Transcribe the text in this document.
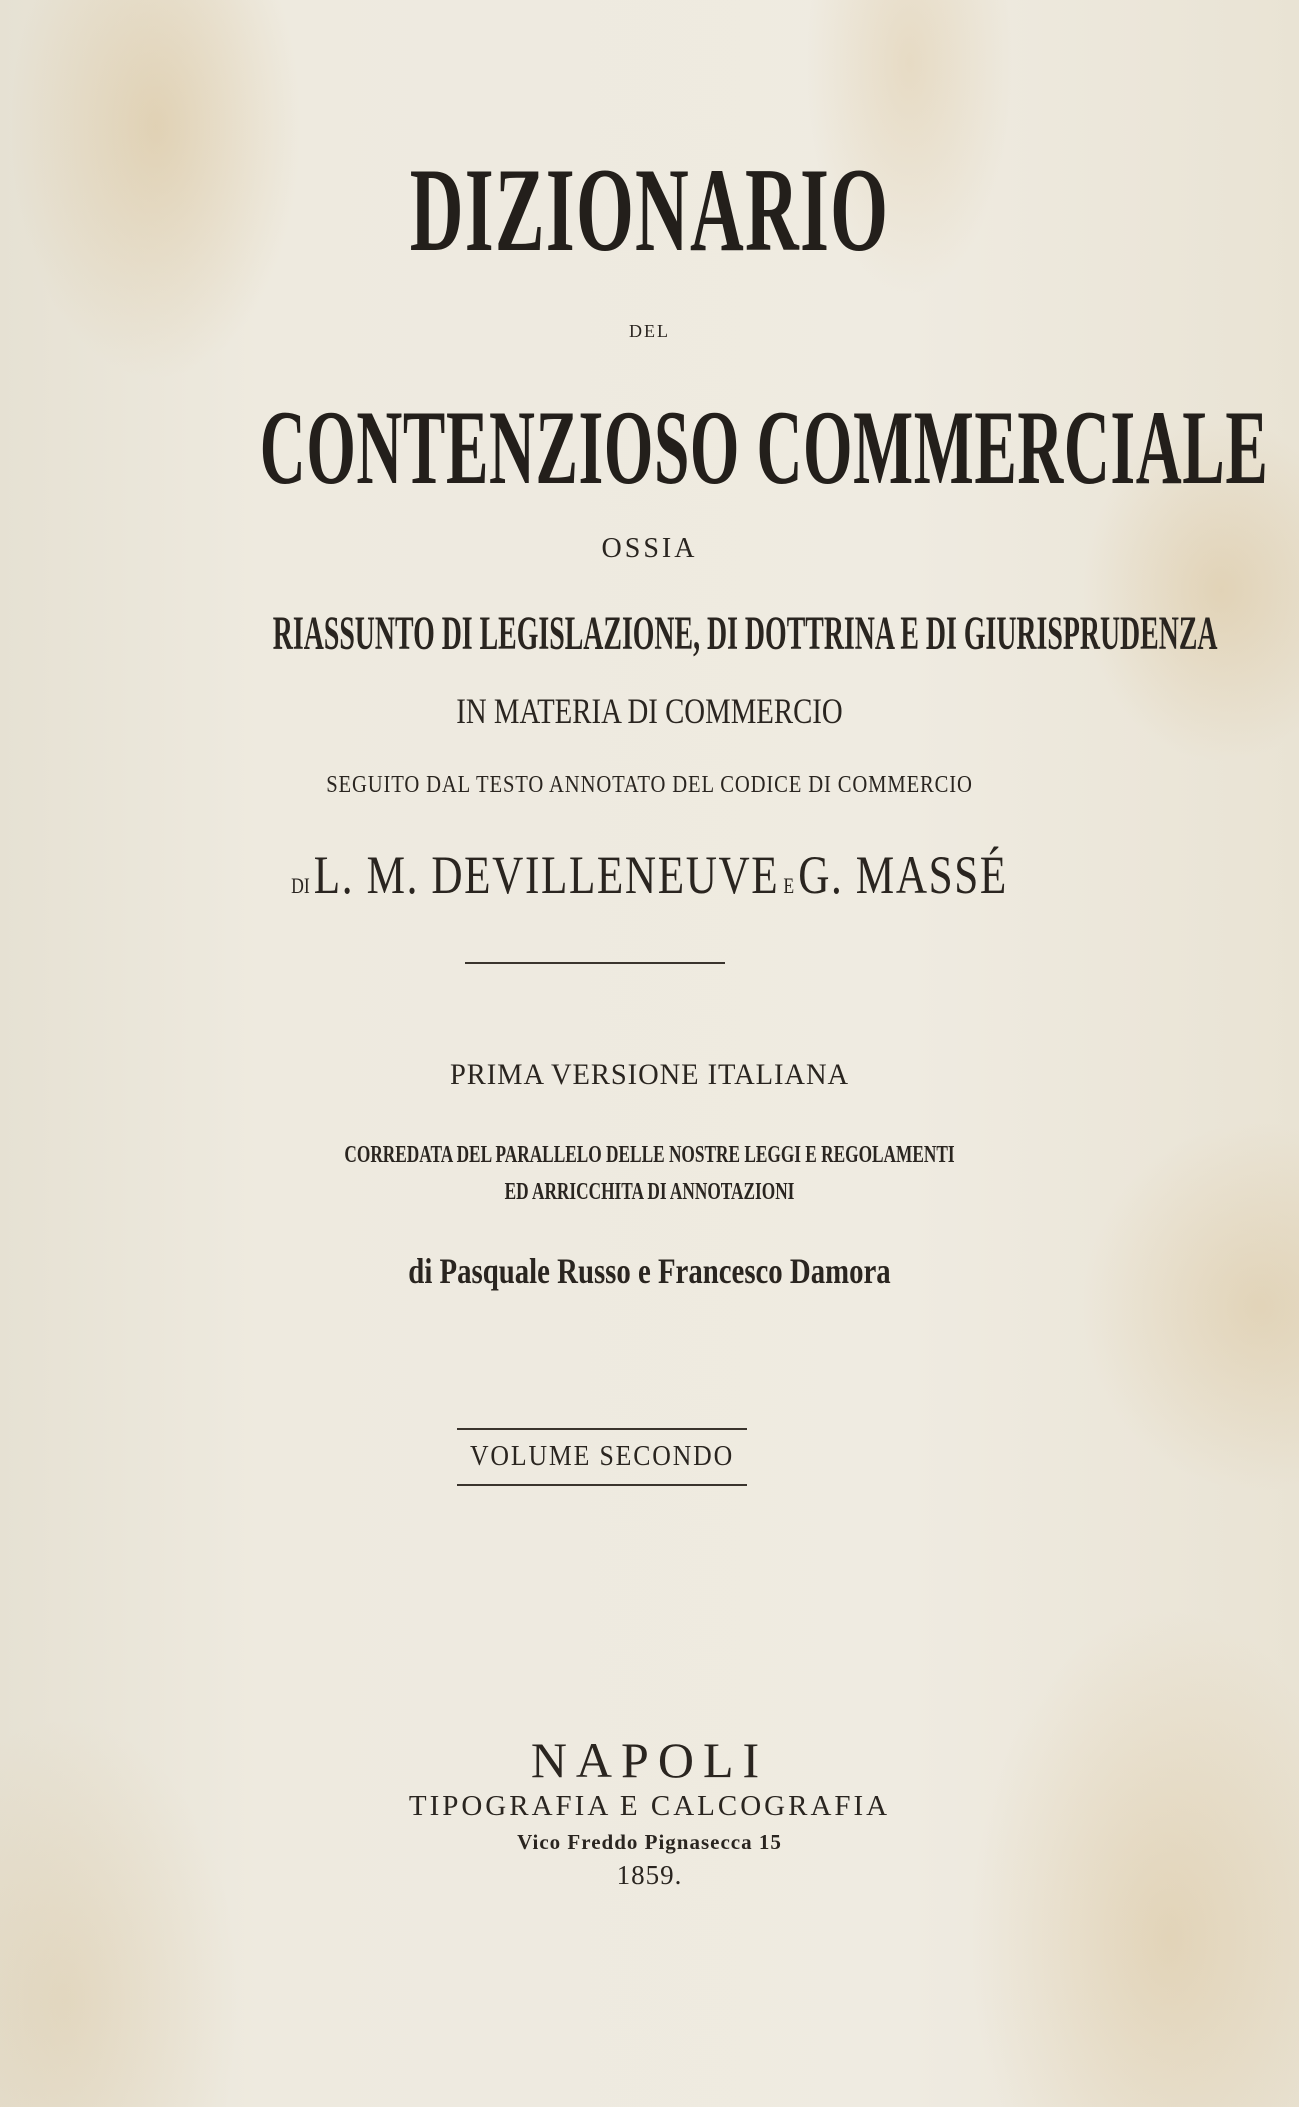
DIZIONARIO
DEL
CONTENZIOSO COMMERCIALE
OSSIA
RIASSUNTO DI LEGISLAZIONE, DI DOTTRINA E DI GIURISPRUDENZA
IN MATERIA DI COMMERCIO
SEGUITO DAL TESTO ANNOTATO DEL CODICE DI COMMERCIO
DI L. M. DEVILLENEUVE E G. MASSÉ
PRIMA VERSIONE ITALIANA
CORREDATA DEL PARALLELO DELLE NOSTRE LEGGI E REGOLAMENTI
ED ARRICCHITA DI ANNOTAZIONI
di Pasquale Russo e Francesco Damora
VOLUME SECONDO
NAPOLI
TIPOGRAFIA E CALCOGRAFIA
Vico Freddo Pignasecca 15
1859.
